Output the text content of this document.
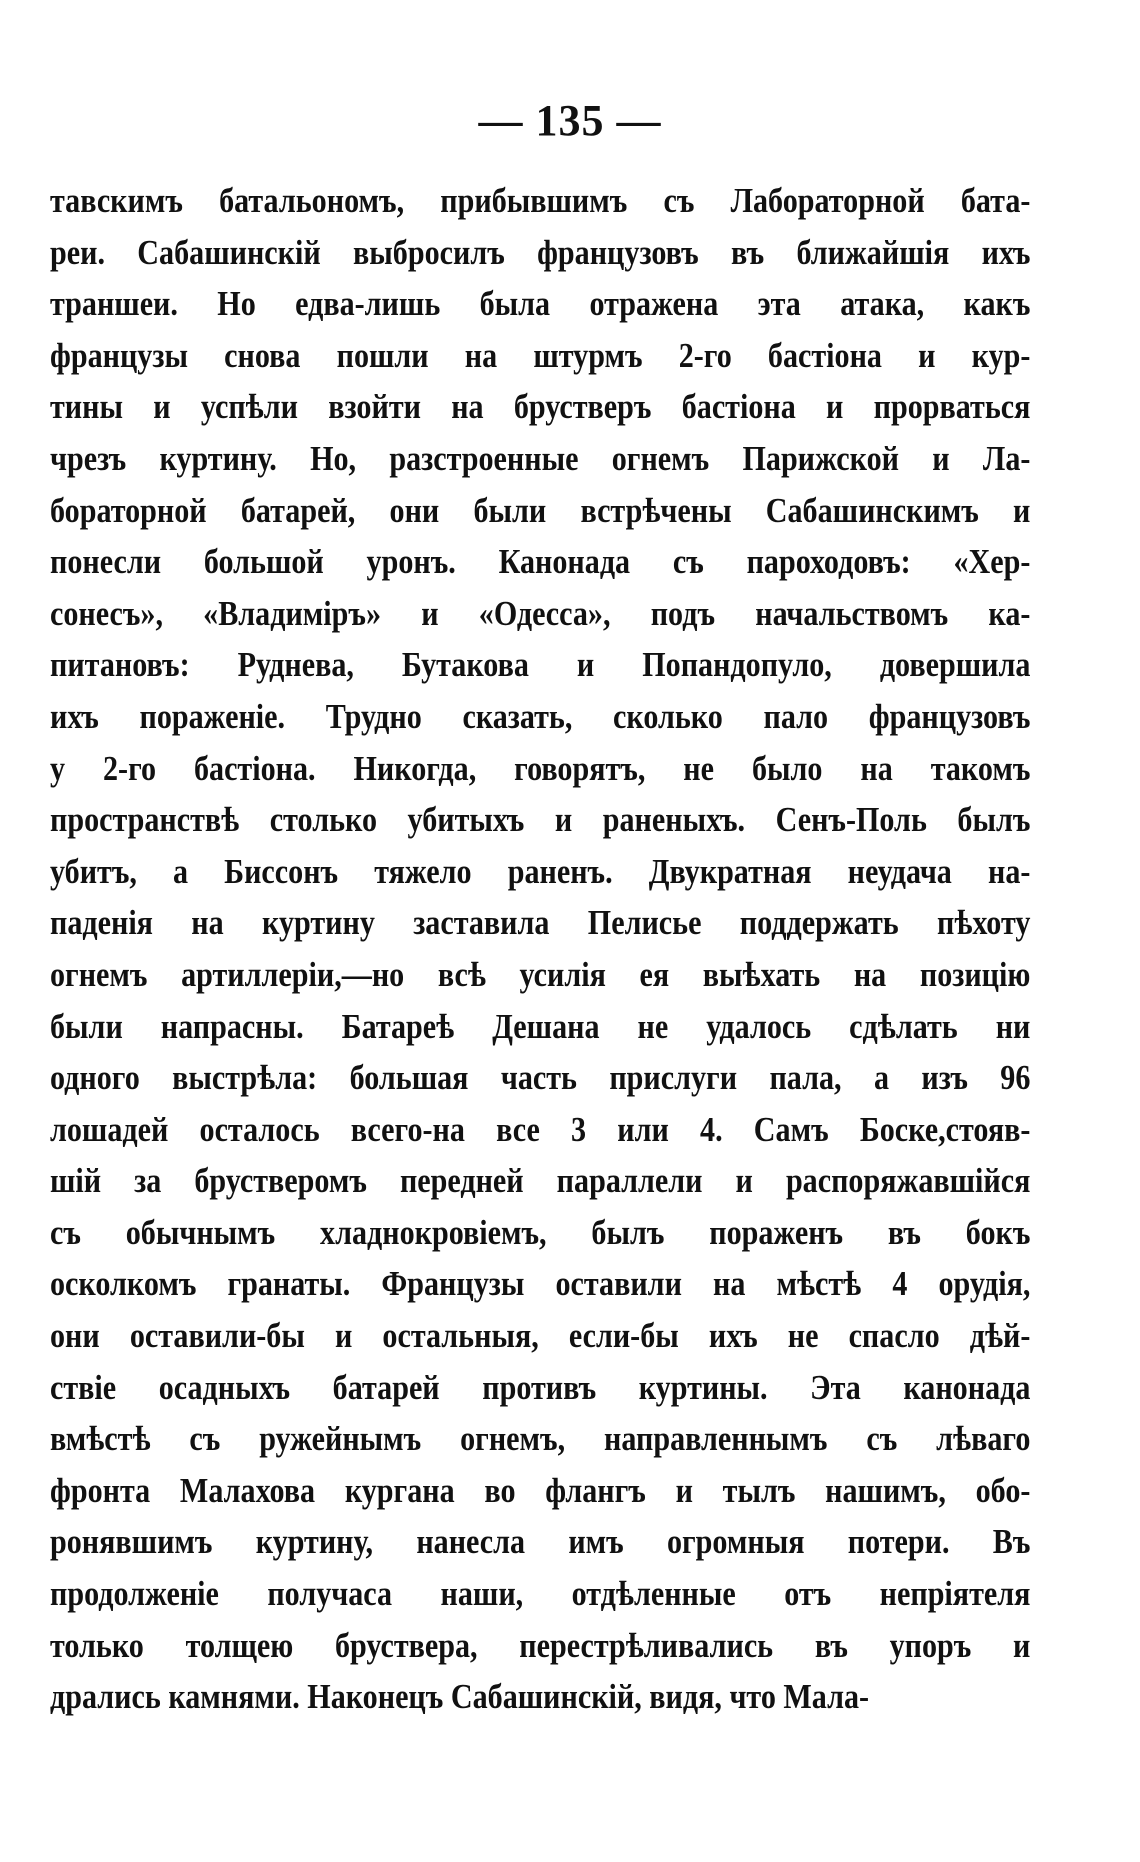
— 135 —
тавскимъ батальономъ, прибывшимъ съ Лабораторной бата-
реи. Сабашинскій выбросилъ французовъ въ ближайшія ихъ
траншеи. Но едва-лишь была отражена эта атака, какъ
французы снова пошли на штурмъ 2-го бастіона и кур-
тины и успѣли взойти на брустверъ бастіона и прорваться
чрезъ куртину. Но, разстроенные огнемъ Парижской и Ла-
бораторной батарей, они были встрѣчены Сабашинскимъ и
понесли большой уронъ. Канонада съ пароходовъ: «Хер-
сонесъ», «Владиміръ» и «Одесса», подъ начальствомъ ка-
питановъ: Руднева, Бутакова и Попандопуло, довершила
ихъ пораженіе. Трудно сказать, сколько пало французовъ
у 2-го бастіона. Никогда, говорятъ, не было на такомъ
пространствѣ столько убитыхъ и раненыхъ. Сенъ-Поль былъ
убитъ, а Биссонъ тяжело раненъ. Двукратная неудача на-
паденія на куртину заставила Пелисье поддержать пѣхоту
огнемъ артиллеріи,—но всѣ усилія ея выѣхать на позицію
были напрасны. Батареѣ Дешана не удалось сдѣлать ни
одного выстрѣла: большая часть прислуги пала, а изъ 96
лошадей осталось всего-на все 3 или 4. Самъ Боске,стояв-
шій за брустверомъ передней параллели и распоряжавшійся
съ обычнымъ хладнокровіемъ, былъ пораженъ въ бокъ
осколкомъ гранаты. Французы оставили на мѣстѣ 4 орудія,
они оставили-бы и остальныя, если-бы ихъ не спасло дѣй-
ствіе осадныхъ батарей противъ куртины. Эта канонада
вмѣстѣ съ ружейнымъ огнемъ, направленнымъ съ лѣваго
фронта Малахова кургана во флангъ и тылъ нашимъ, обо-
ронявшимъ куртину, нанесла имъ огромныя потери. Въ
продолженіе получаса наши, отдѣленные отъ непріятеля
только толщею бруствера, перестрѣливались въ упоръ и
дрались камнями. Наконецъ Сабашинскій, видя, что Мала-
